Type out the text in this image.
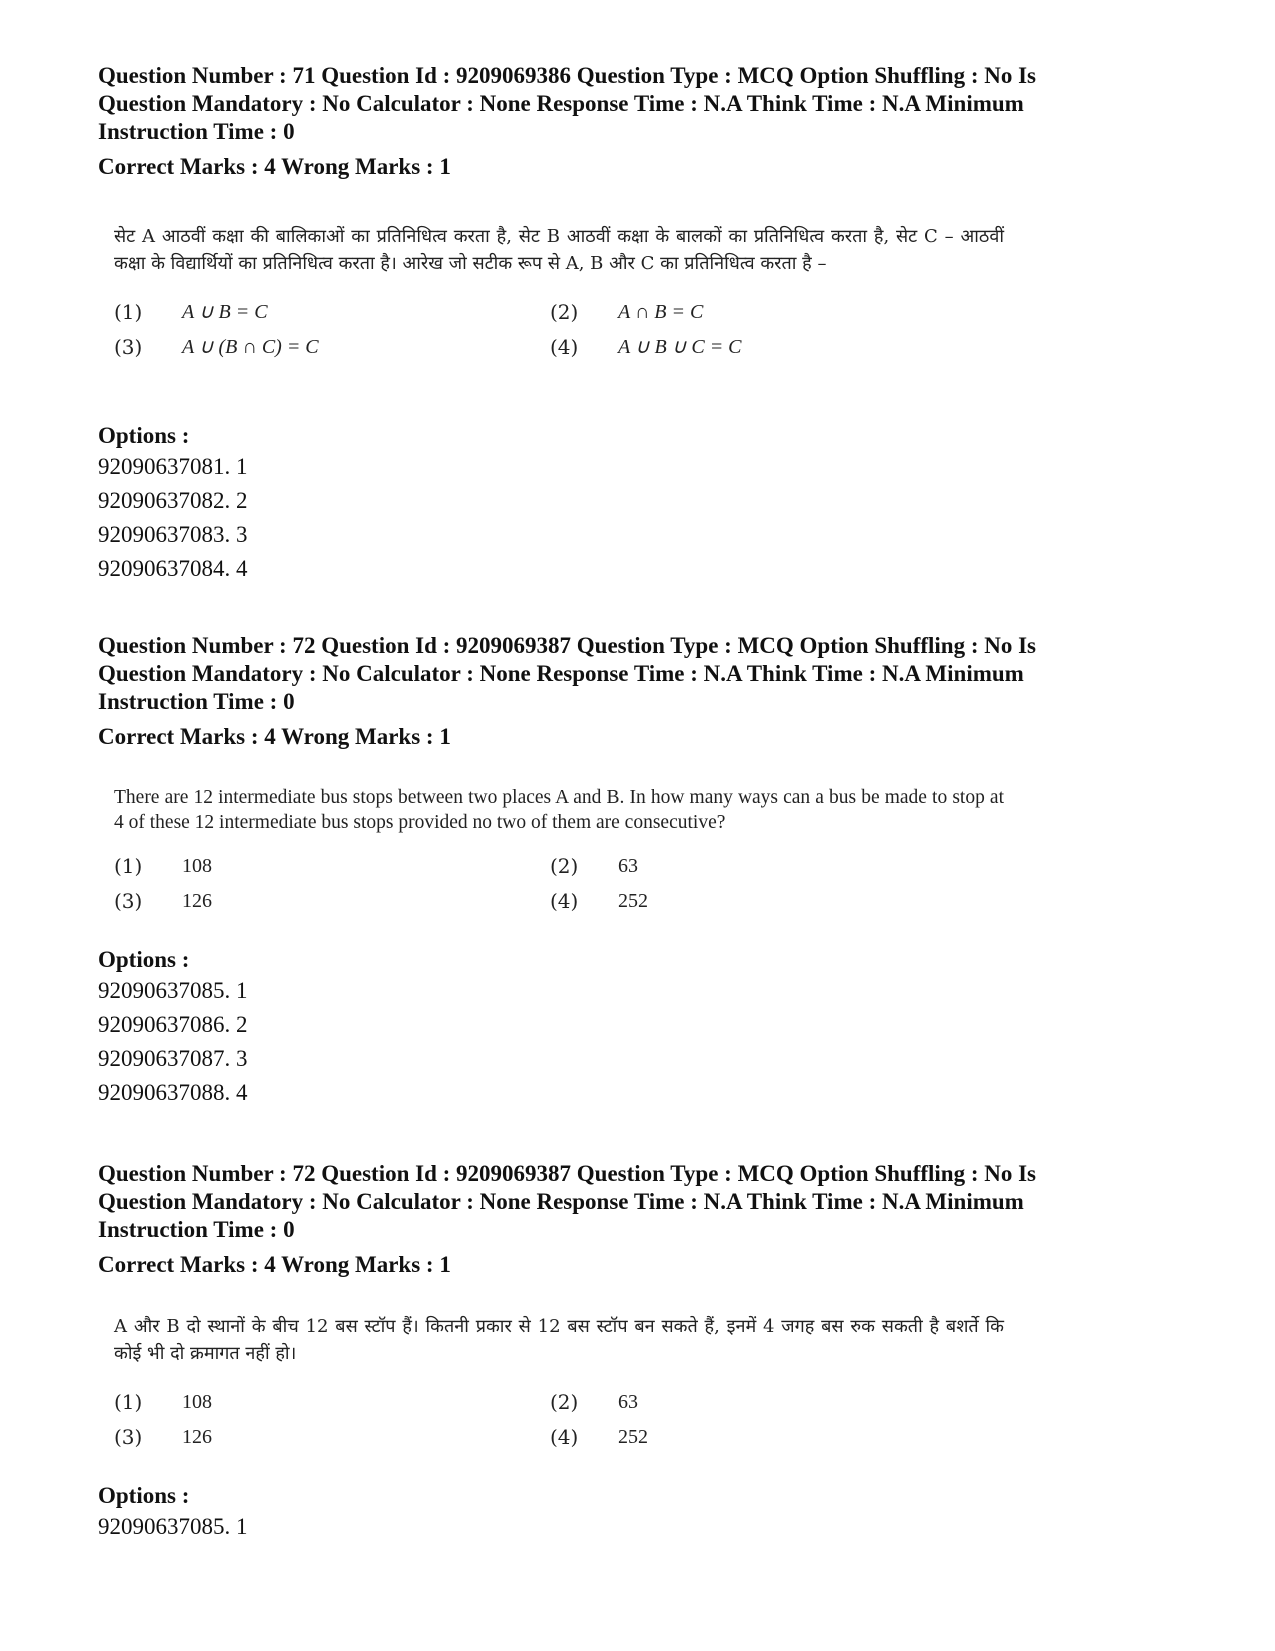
Question Number : 71 Question Id : 9209069386 Question Type : MCQ Option Shuffling : No Is

Question Mandatory : No Calculator : None Response Time : N.A Think Time : N.A Minimum

Instruction Time : 0

Correct Marks : 4 Wrong Marks : 1

सेट A आठवीं कक्षा की बालिकाओं का प्रतिनिधित्व करता है, सेट B आठवीं कक्षा के बालकों का प्रतिनिधित्व करता है, सेट C – आठवीं कक्षा के विद्यार्थियों का प्रतिनिधित्व करता है। आरेख जो सटीक रूप से A, B और C का प्रतिनिधित्व करता है –

(1)	A ∪ B = C	(2)	A ∩ B = C
(3)	A ∪ (B ∩ C) = C	(4)	A ∪ B ∪ C = C

Options :

92090637081. 1

92090637082. 2

92090637083. 3

92090637084. 4

Question Number : 72 Question Id : 9209069387 Question Type : MCQ Option Shuffling : No Is

Question Mandatory : No Calculator : None Response Time : N.A Think Time : N.A Minimum

Instruction Time : 0

Correct Marks : 4 Wrong Marks : 1

There are 12 intermediate bus stops between two places A and B. In how many ways can a bus be made to stop at 4 of these 12 intermediate bus stops provided no two of them are consecutive?

(1)	108	(2)	63
(3)	126	(4)	252

Options :

92090637085. 1

92090637086. 2

92090637087. 3

92090637088. 4

Question Number : 72 Question Id : 9209069387 Question Type : MCQ Option Shuffling : No Is

Question Mandatory : No Calculator : None Response Time : N.A Think Time : N.A Minimum

Instruction Time : 0

Correct Marks : 4 Wrong Marks : 1

A और B दो स्थानों के बीच 12 बस स्टॉप हैं। कितनी प्रकार से 12 बस स्टॉप बन सकते हैं, इनमें 4 जगह बस रुक सकती है बशर्ते कि कोई भी दो क्रमागत नहीं हो।

(1)	108	(2)	63
(3)	126	(4)	252

Options :

92090637085. 1
